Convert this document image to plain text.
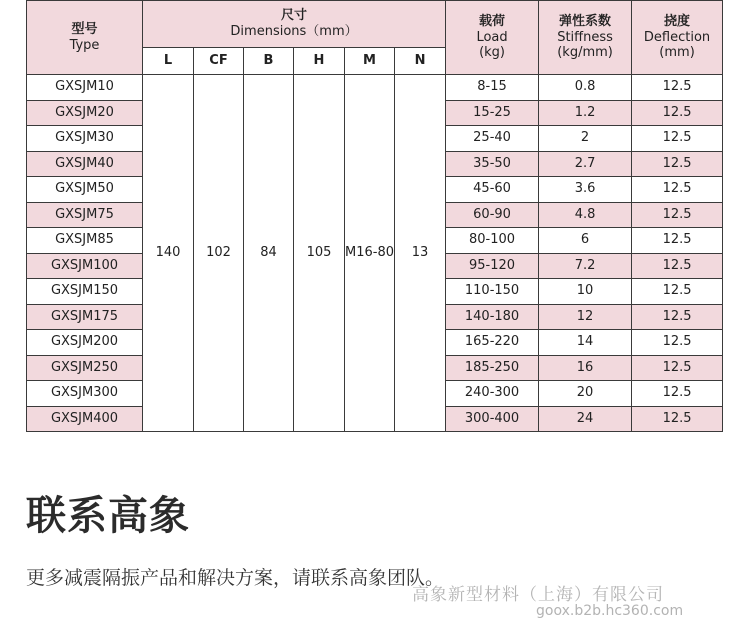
型号
Type	尺寸
Dimensions（mm）						载荷
Load
(kg)	弹性系数
Stiffness
(kg/mm)	挠度
Deflection
(mm)

	L	CF	B	H	M	N			
GXSJM10	140	102	84	105	M16-80	13	8-15	0.8	12.5
GXSJM20							15-25	1.2	12.5
GXSJM30							25-40	2	12.5
GXSJM40							35-50	2.7	12.5
GXSJM50							45-60	3.6	12.5
GXSJM75							60-90	4.8	12.5
GXSJM85							80-100	6	12.5
GXSJM100							95-120	7.2	12.5
GXSJM150							110-150	10	12.5
GXSJM175							140-180	12	12.5
GXSJM200							165-220	14	12.5
GXSJM250							185-250	16	12.5
GXSJM300							240-300	20	12.5
GXSJM400							300-400	24	12.5
联系高象

更多减震隔振产品和解决方案，请联系高象团队。

高象新型材料（上海）有限公司

goox.b2b.hc360.com
